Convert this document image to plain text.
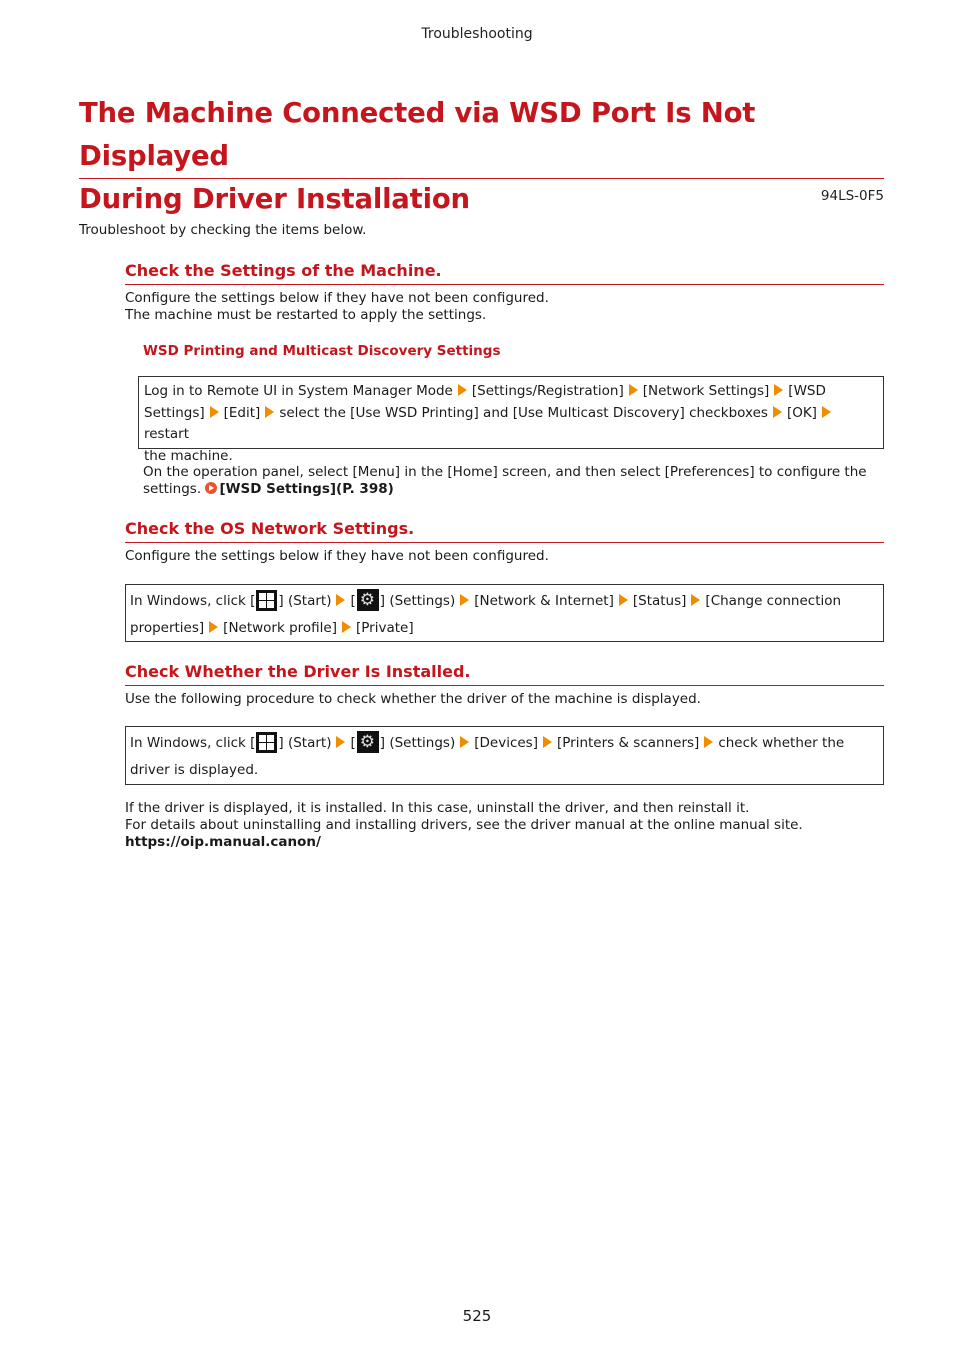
Troubleshooting
The Machine Connected via WSD Port Is Not Displayed
During Driver Installation	94LS-0F5
Troubleshoot by checking the items below.
Check the Settings of the Machine.
Configure the settings below if they have not been configured.
The machine must be restarted to apply the settings.
WSD Printing and Multicast Discovery Settings
Log in to Remote UI in System Manager Mode [Settings/Registration] [Network Settings] [WSD
Settings] [Edit] select the [Use WSD Printing] and [Use Multicast Discovery] checkboxes [OK]restart
the machine.
On the operation panel, select [Menu] in the [Home] screen, and then select [Preferences] to configure the
settings. [WSD Settings](P. 398)
Check the OS Network Settings.
Configure the settings below if they have not been configured.
In Windows, click [ ] (Start) [ ⚙ ] (Settings) [Network & Internet] [Status] [Change connection
properties] [Network profile] [Private]
Check Whether the Driver Is Installed.
Use the following procedure to check whether the driver of the machine is displayed.
In Windows, click [ ] (Start) [ ⚙ ] (Settings) [Devices] [Printers & scanners] check whether the
driver is displayed.
If the driver is displayed, it is installed. In this case, uninstall the driver, and then reinstall it.
For details about uninstalling and installing drivers, see the driver manual at the online manual site.
https://oip.manual.canon/
525
